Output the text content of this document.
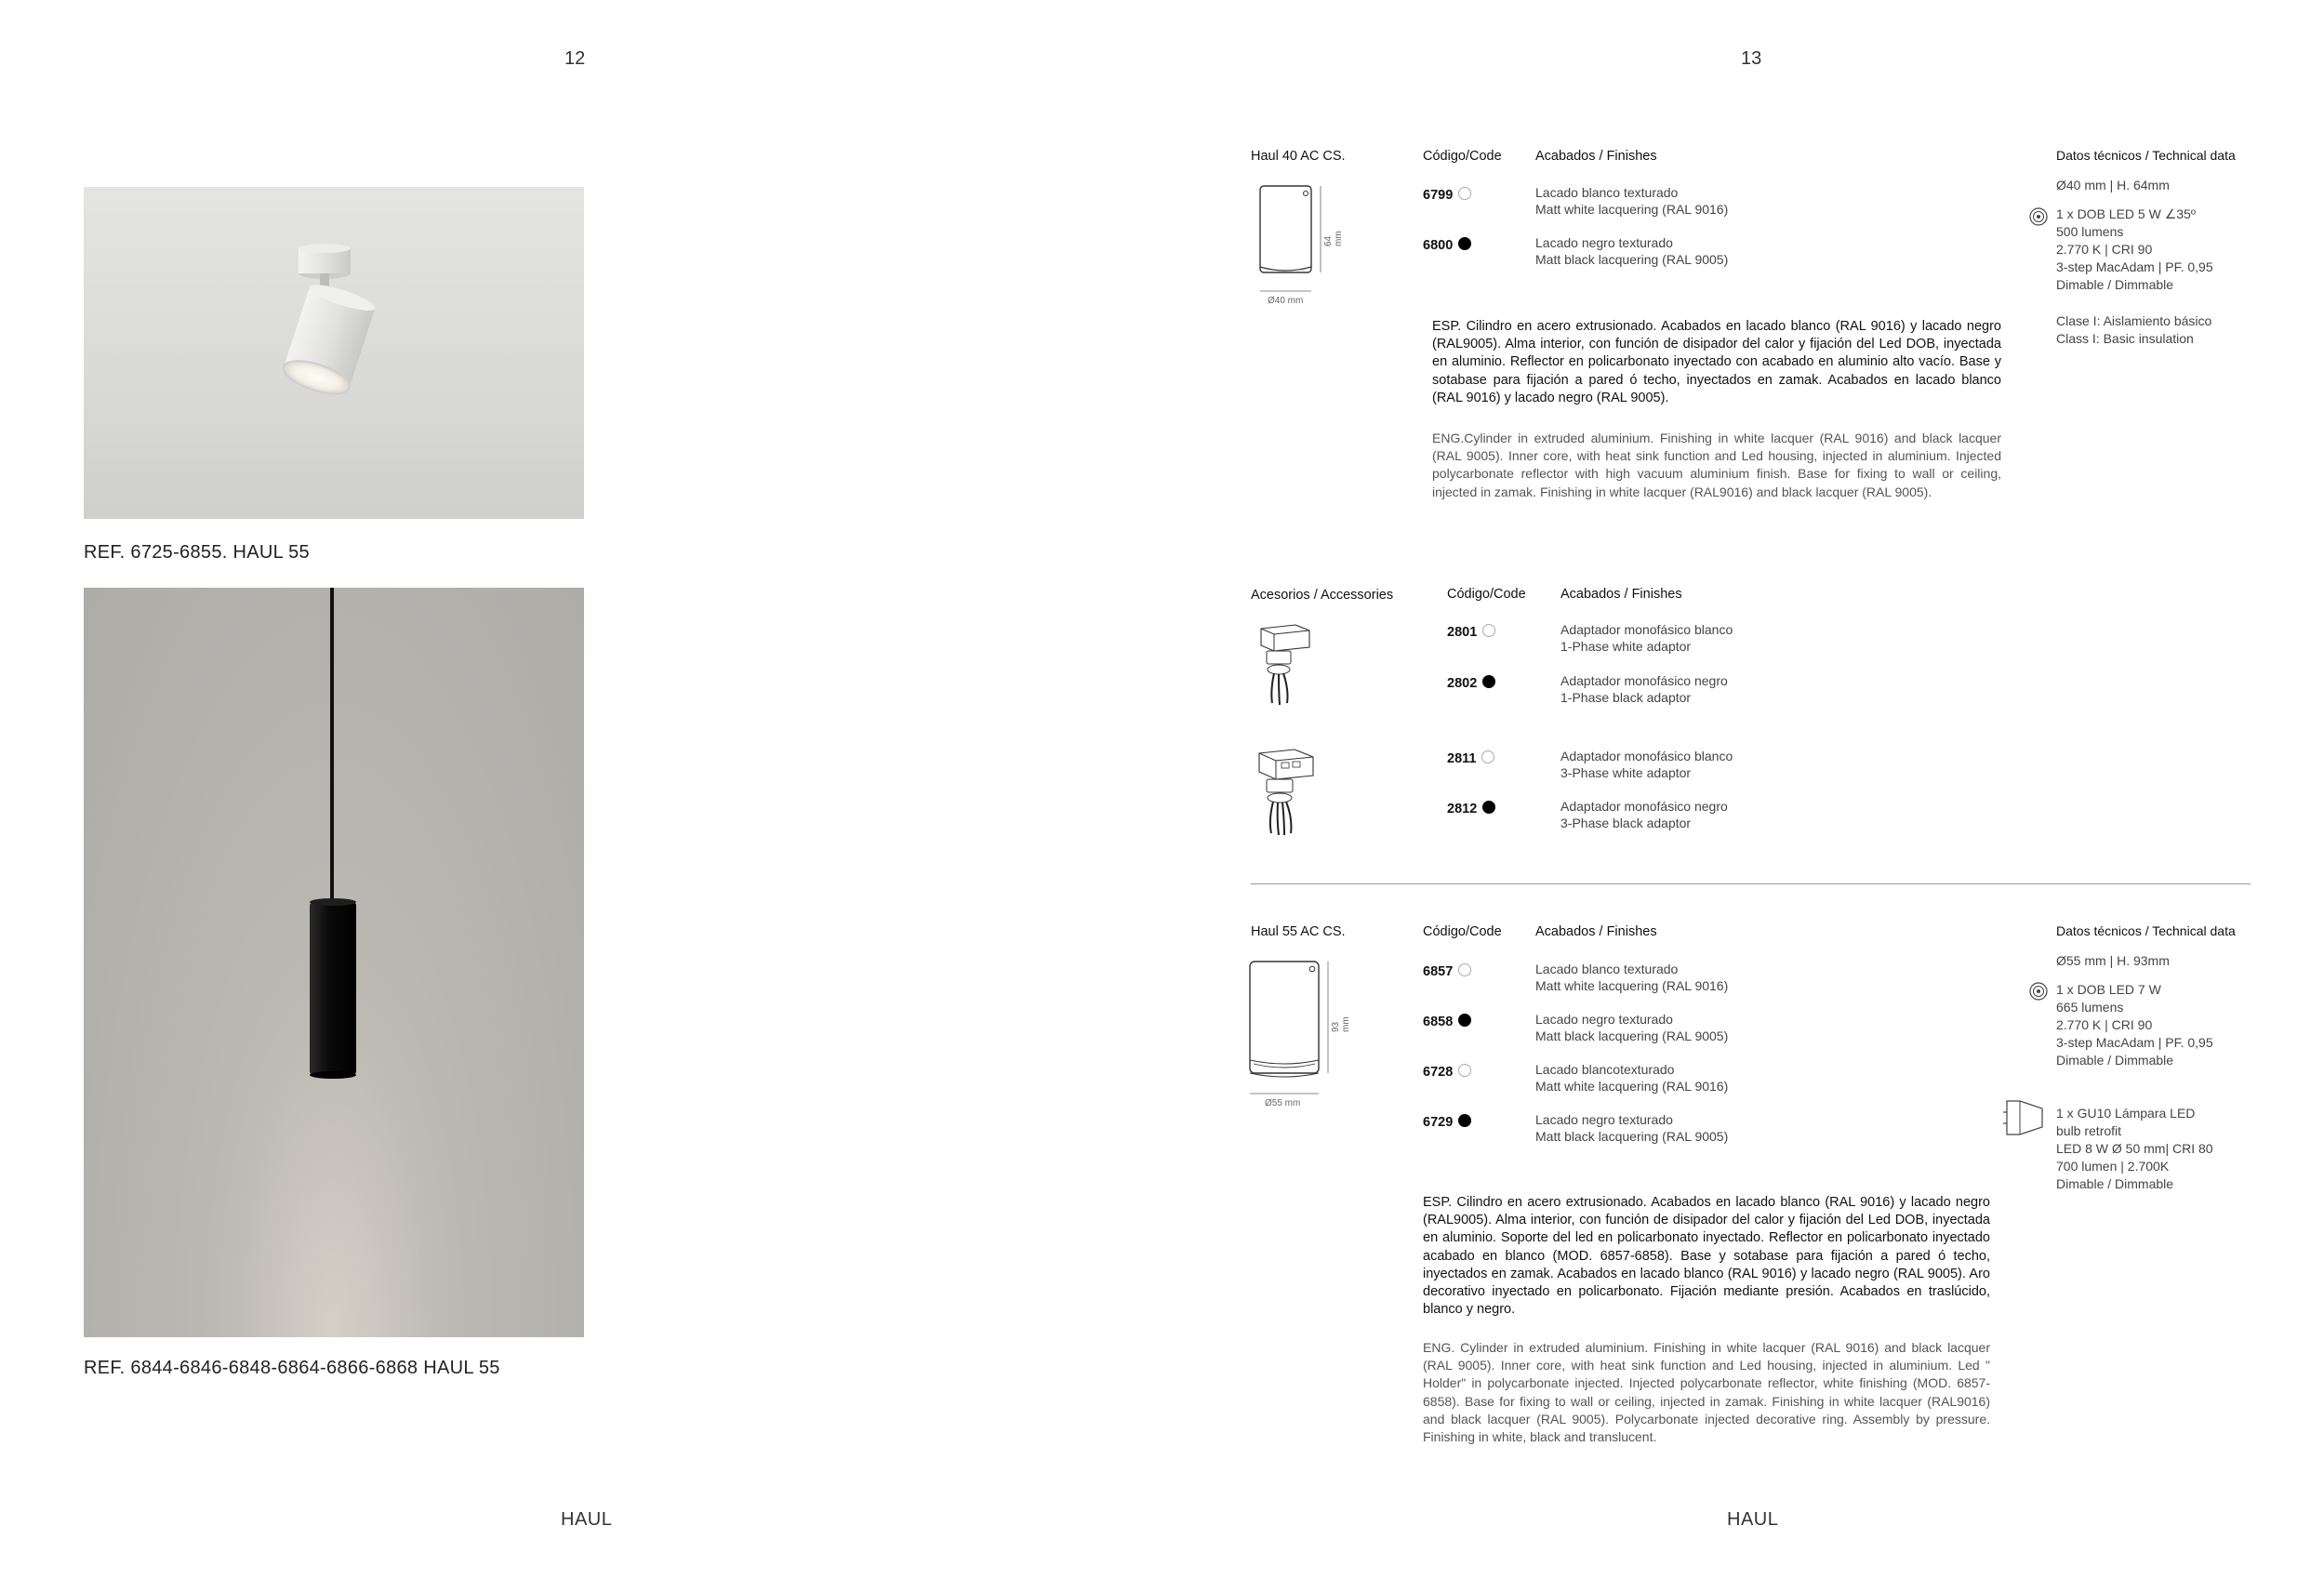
12
REF. 6725-6855. HAUL 55
REF. 6844-6846-6848-6864-6866-6868 HAUL 55
HAUL
13
Haul 40 AC CS.	Código/Code	Acabados / Finishes
64 mm
Ø40 mm
6799	Lacado blanco texturado
Matt white lacquering (RAL 9016)
6800	Lacado negro texturado
Matt black lacquering (RAL 9005)

ESP. Cilindro en acero extrusionado. Acabados en lacado blanco (RAL 9016) y lacado negro (RAL9005). Alma interior, con función de disipador del calor y fijación del Led DOB, inyectada en aluminio. Reflector en policarbonato inyectado con acabado en aluminio alto vacío. Base y sotabase para fijación a pared ó techo, inyectados en zamak. Acabados en lacado blanco (RAL 9016) y lacado negro (RAL 9005).

ENG.Cylinder in extruded aluminium. Finishing in white lacquer (RAL 9016) and black lacquer (RAL 9005). Inner core, with heat sink function and Led housing, injected in aluminium. Injected polycarbonate reflector with high vacuum aluminium finish. Base for fixing to wall or ceiling, injected in zamak. Finishing in white lacquer (RAL9016) and black lacquer (RAL 9005).

Datos técnicos / Technical data
Ø40 mm | H. 64mm
1 x DOB LED 5 W ∠35º
500 lumens
2.770 K | CRI 90
3-step MacAdam | PF. 0,95
Dimable / Dimmable
Clase I: Aislamiento básico
Class I: Basic insulation
Acesorios / Accessories	Código/Code	Acabados / Finishes
2801	Adaptador monofásico blanco
1-Phase white adaptor
2802	Adaptador monofásico negro
1-Phase black adaptor
2811	Adaptador monofásico blanco
3-Phase white adaptor
2812	Adaptador monofásico negro
3-Phase black adaptor
Haul 55 AC CS.	Código/Code	Acabados / Finishes
93 mm
Ø55 mm
6857	Lacado blanco texturado
Matt white lacquering (RAL 9016)
6858	Lacado negro texturado
Matt black lacquering (RAL 9005)
6728	Lacado blancotexturado
Matt white lacquering (RAL 9016)
6729	Lacado negro texturado
Matt black lacquering (RAL 9005)

ESP. Cilindro en acero extrusionado. Acabados en lacado blanco (RAL 9016) y lacado negro (RAL9005). Alma interior, con función de disipador del calor y fijación del Led DOB, inyectada en aluminio. Soporte del led en policarbonato inyectado. Reflector en policarbonato inyectado acabado en blanco (MOD. 6857-6858). Base y sotabase para fijación a pared ó techo, inyectados en zamak. Acabados en lacado blanco (RAL 9016) y lacado negro (RAL 9005). Aro decorativo inyectado en policarbonato. Fijación mediante presión. Acabados en traslúcido, blanco y negro.

ENG. Cylinder in extruded aluminium. Finishing in white lacquer (RAL 9016) and black lacquer (RAL 9005). Inner core, with heat sink function and Led housing, injected in aluminium. Led " Holder" in polycarbonate injected. Injected polycarbonate reflector, white finishing (MOD. 6857-6858). Base for fixing to wall or ceiling, injected in zamak. Finishing in white lacquer (RAL9016) and black lacquer (RAL 9005). Polycarbonate injected decorative ring. Assembly by pressure. Finishing in white, black and translucent.

Datos técnicos / Technical data
Ø55 mm | H. 93mm
1 x DOB LED 7 W
665 lumens
2.770 K | CRI 90
3-step MacAdam | PF. 0,95
Dimable / Dimmable
1 x GU10 Lámpara LED
bulb retrofit
LED 8 W Ø 50 mm| CRI 80
700 lumen | 2.700K
Dimable / Dimmable
HAUL
